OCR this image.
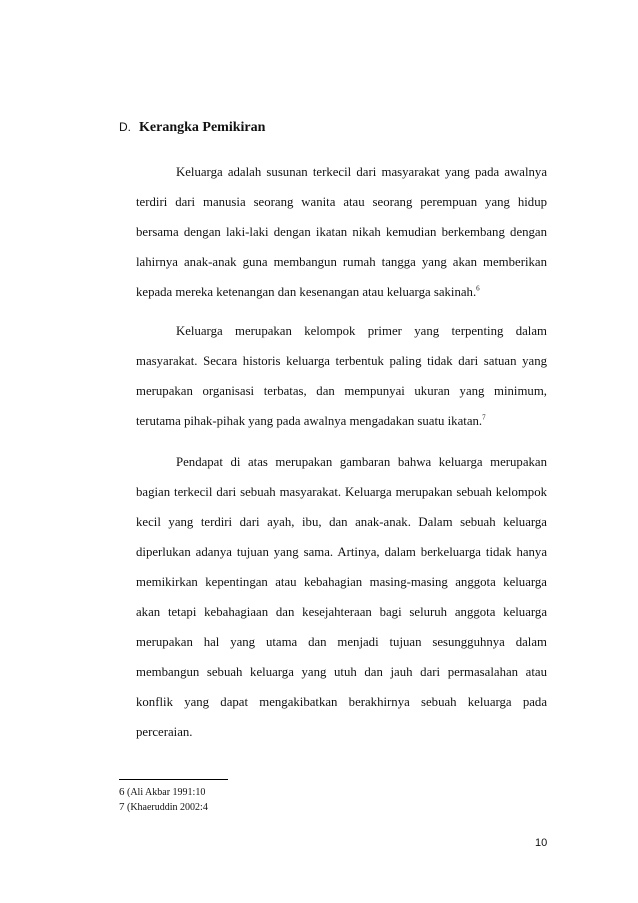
D. Kerangka Pemikiran

Keluarga adalah susunan terkecil dari masyarakat yang pada awalnya terdiri dari manusia seorang wanita atau seorang perempuan yang hidup bersama dengan laki-laki dengan ikatan nikah kemudian berkembang dengan lahirnya anak-anak guna membangun rumah tangga yang akan memberikan kepada mereka ketenangan dan kesenangan atau keluarga sakinah.$^6$

Keluarga merupakan kelompok primer yang terpenting dalam masyarakat. Secara historis keluarga terbentuk paling tidak dari satuan yang merupakan organisasi terbatas, dan mempunyai ukuran yang minimum, terutama pihak-pihak yang pada awalnya mengadakan suatu ikatan.$^7$

Pendapat di atas merupakan gambaran bahwa keluarga merupakan bagian terkecil dari sebuah masyarakat. Keluarga merupakan sebuah kelompok kecil yang terdiri dari ayah, ibu, dan anak-anak. Dalam sebuah keluarga diperlukan adanya tujuan yang sama. Artinya, dalam berkeluarga tidak hanya memikirkan kepentingan atau kebahagian masing-masing anggota keluarga akan tetapi kebahagiaan dan kesejahteraan bagi seluruh anggota keluarga merupakan hal yang utama dan menjadi tujuan sesungguhnya dalam membangun sebuah keluarga yang utuh dan jauh dari permasalahan atau konflik yang dapat mengakibatkan berakhirnya sebuah keluarga pada perceraian.

6 (Ali Akbar 1991:10
7 (Khaeruddin 2002:4
10
